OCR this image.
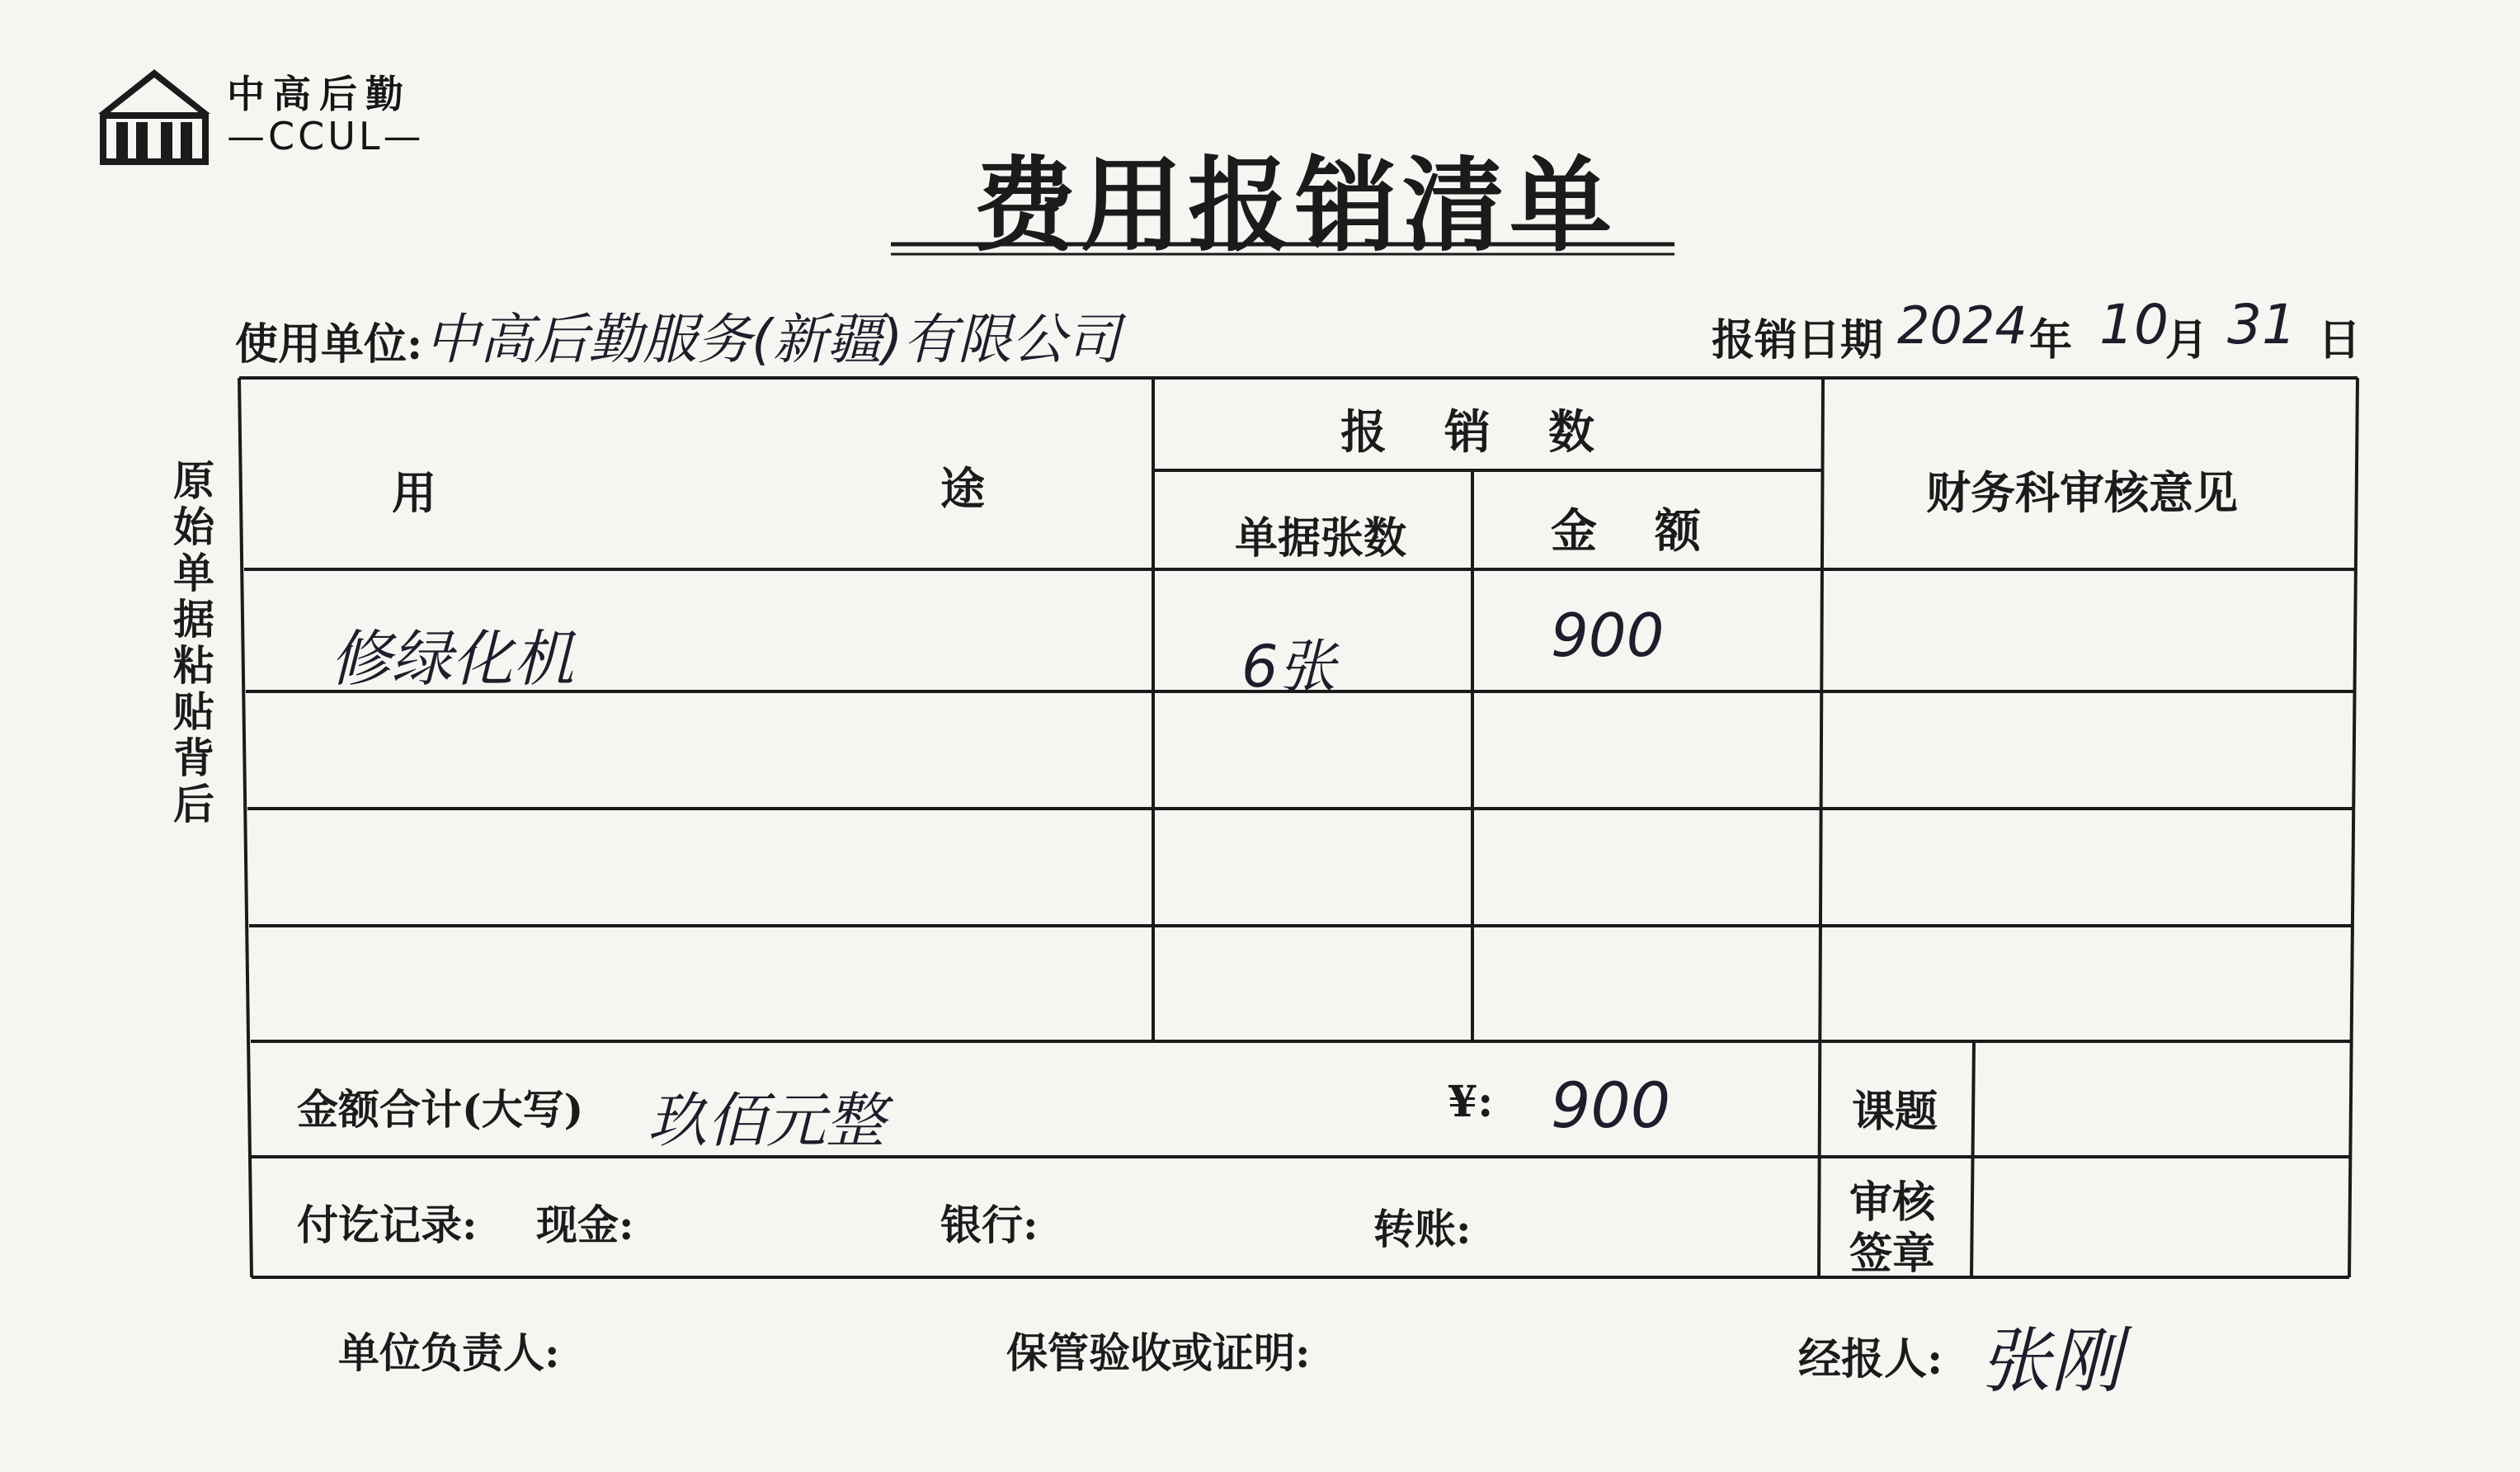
中高后勤
—CCUL—
费用报销清单
使用单位: 中高后勤服务(新疆)有限公司	报销日期 2024 年 10
月 31 日
原始单据粘贴背后
用	途
报销数
单据张数	金额
财务科审核意见
修绿化机	6张	900
金额合计(大写) 玖佰元整	¥: 900	课题
付讫记录: 现金:	银行:	转账:
审核
签章
单位负责人:	保管验收或证明:	经报人: 张刚
